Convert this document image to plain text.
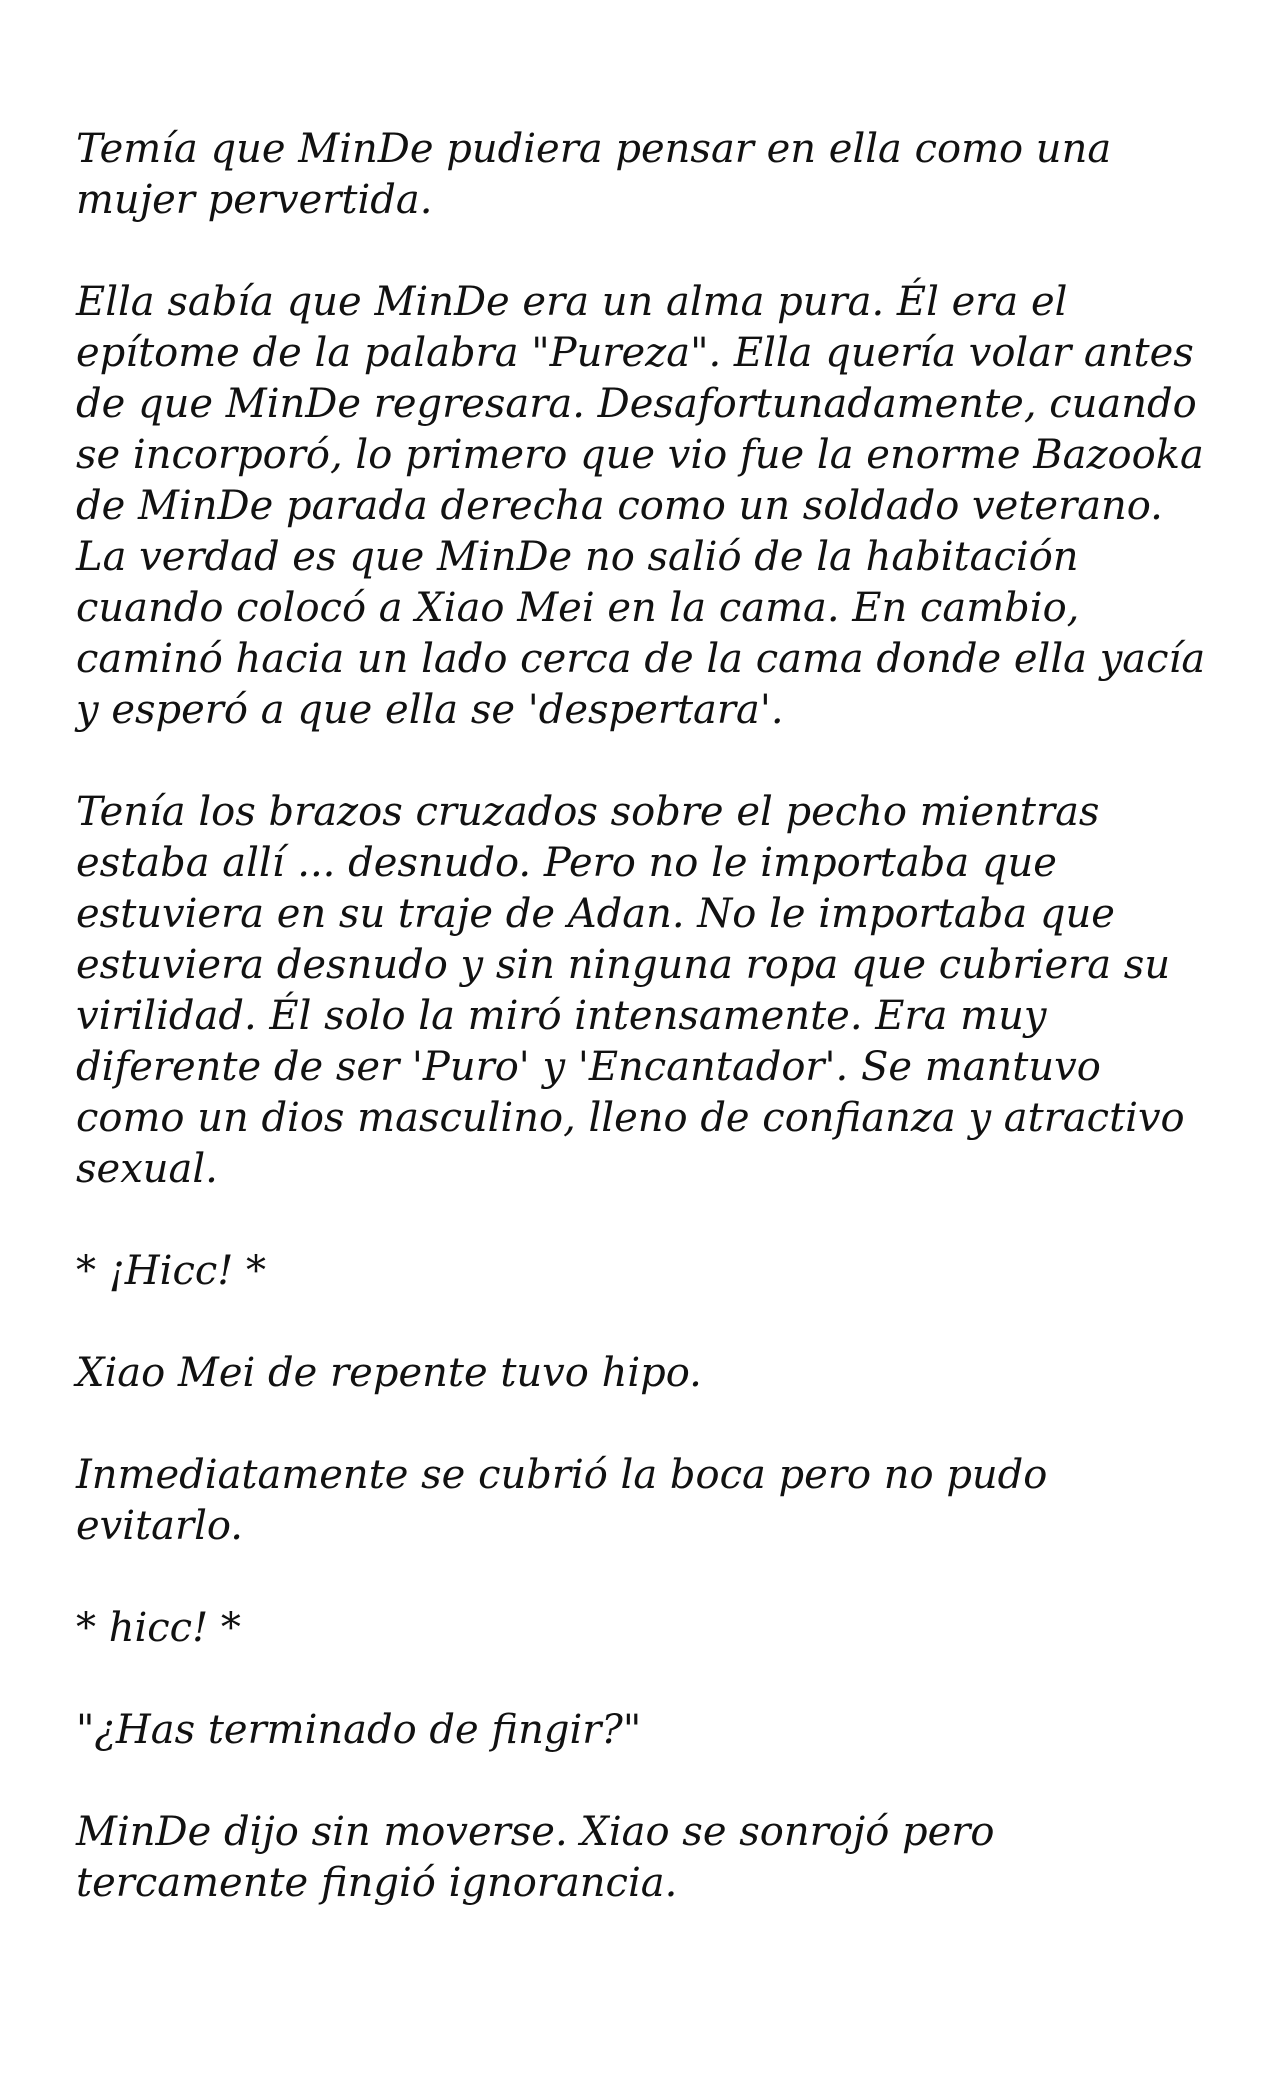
Temía que MinDe pudiera pensar en ella como una mujer pervertida.

Ella sabía que MinDe era un alma pura. Él era el epítome de la palabra "Pureza". Ella quería volar antes de que MinDe regresara. Desafortunadamente, cuando se incorporó, lo primero que vio fue la enorme Bazooka de MinDe parada derecha como un soldado veterano. La verdad es que MinDe no salió de la habitación cuando colocó a Xiao Mei en la cama. En cambio, caminó hacia un lado cerca de la cama donde ella yacía y esperó a que ella se 'despertara'.

Tenía los brazos cruzados sobre el pecho mientras estaba allí ... desnudo. Pero no le importaba que estuviera en su traje de Adan. No le importaba que estuviera desnudo y sin ninguna ropa que cubriera su virilidad. Él solo la miró intensamente. Era muy diferente de ser 'Puro' y 'Encantador'. Se mantuvo como un dios masculino, lleno de confianza y atractivo sexual.

* ¡Hicc! *

Xiao Mei de repente tuvo hipo.

Inmediatamente se cubrió la boca pero no pudo evitarlo.

* hicc! *

"¿Has terminado de fingir?"

MinDe dijo sin moverse. Xiao se sonrojó pero tercamente fingió ignorancia.
